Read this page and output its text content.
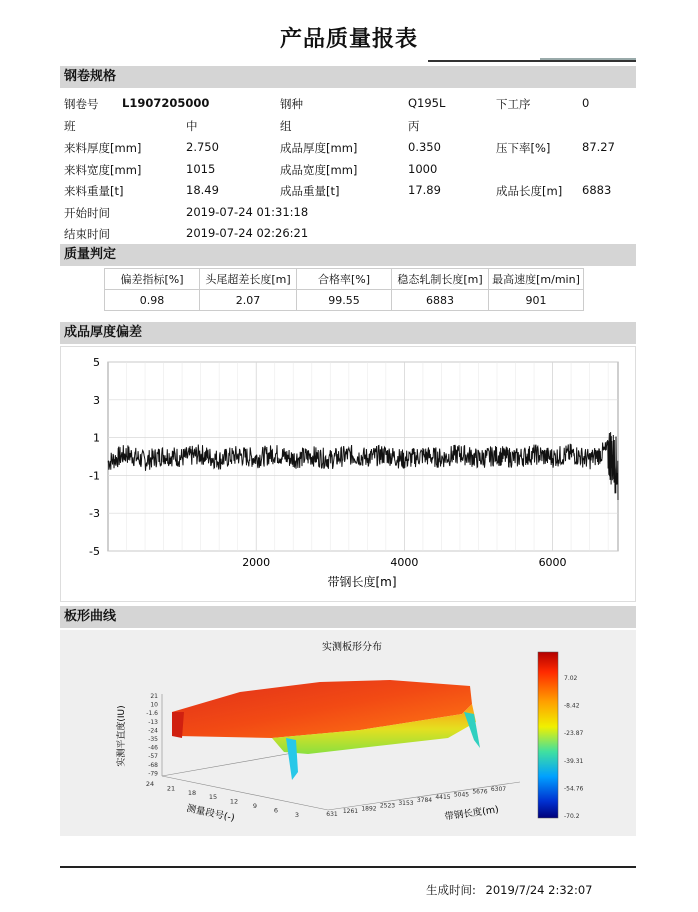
产品质量报表
钢卷规格
钢卷号 L1907205000	钢种	Q195L	下工序	0
班	中	组	丙
来料厚度[mm]	2.750	成品厚度[mm]	0.350	压下率[%]	87.27
来料宽度[mm]	1015	成品宽度[mm]	1000
来料重量[t]	18.49	成品重量[t]	17.89	成品长度[m] 6883
开始时间	2019-07-24 01:31:18
结束时间	2019-07-24 02:26:21
质量判定
偏差指标[%]	头尾超差长度[m]	合格率[%]	稳态轧制长度[m]	最高速度[m/min]
0.98	2.07	99.55	6883	901
成品厚度偏差
5
3
1
-1
-3
-5
2000	4000	6000
带钢长度[m]
板形曲线
实测板形分布
21
10
-1.6
-13
-24
-35
-46
-57
-68
-79
24
21
18
15
12
9
6
3	631 1261 1892 2523 3153 3784 4415 5045 5676 6307
实测平直度(IU)
测量段号(-)	带钢长度(m)
7.02
-8.42
-23.87
-39.31
-54.76
-70.2
生成时间: 2019/7/24 2:32:07
